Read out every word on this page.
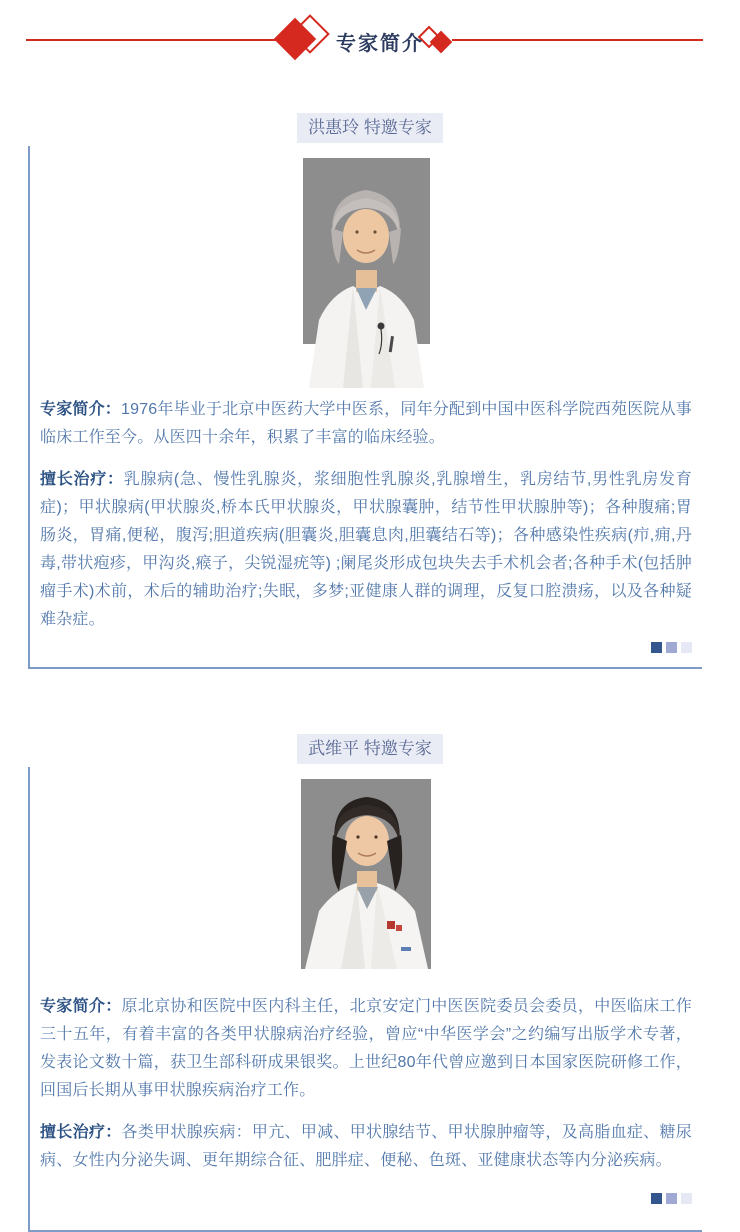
专家简介
洪惠玲 特邀专家

专家简介：1976年毕业于北京中医药大学中医系，同年分配到中国中医科学院西苑医院从事临床工作至今。从医四十余年，积累了丰富的临床经验。

擅长治疗：乳腺病(急、慢性乳腺炎，浆细胞性乳腺炎,乳腺增生，乳房结节,男性乳房发育症)；甲状腺病(甲状腺炎,桥本氏甲状腺炎，甲状腺囊肿，结节性甲状腺肿等)；各种腹痛;胃肠炎，胃痛,便秘，腹泻;胆道疾病(胆囊炎,胆囊息肉,胆囊结石等)；各种感染性疾病(疖,痈,丹毒,带状疱疹，甲沟炎,瘊子，尖锐湿疣等) ;阑尾炎形成包块失去手术机会者;各种手术(包括肿瘤手术)术前，术后的辅助治疗;失眠，多梦;亚健康人群的调理，反复口腔溃疡，以及各种疑难杂症。

武维平 特邀专家

专家简介：原北京协和医院中医内科主任，北京安定门中医医院委员会委员，中医临床工作三十五年，有着丰富的各类甲状腺病治疗经验，曾应“中华医学会”之约编写出版学术专著，发表论文数十篇，获卫生部科研成果银奖。上世纪80年代曾应邀到日本国家医院研修工作，回国后长期从事甲状腺疾病治疗工作。

擅长治疗：各类甲状腺疾病：甲亢、甲减、甲状腺结节、甲状腺肿瘤等，及高脂血症、糖尿病、女性内分泌失调、更年期综合征、肥胖症、便秘、色斑、亚健康状态等内分泌疾病。
